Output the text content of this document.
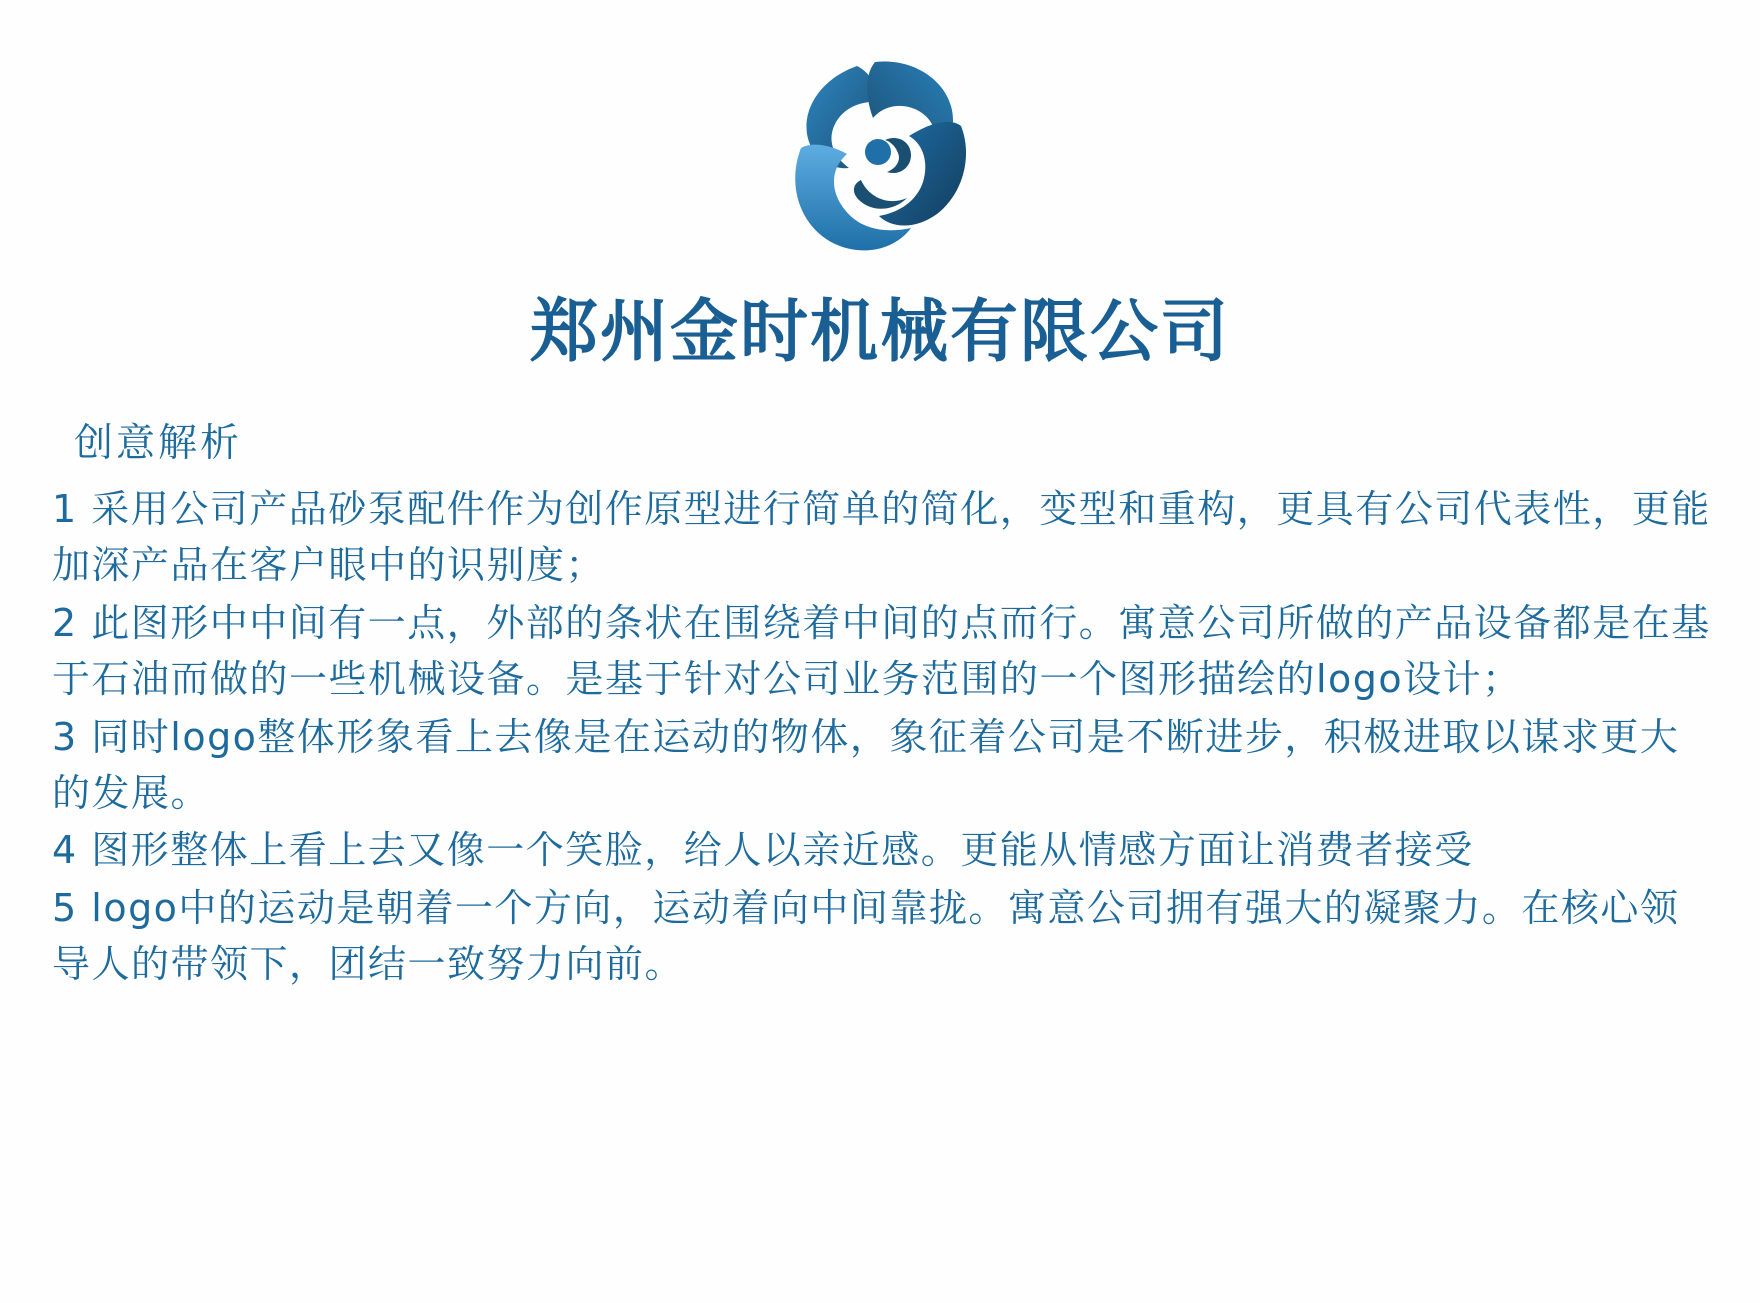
郑州金时机械有限公司
创意解析

1 采用公司产品砂泵配件作为创作原型进行简单的简化，变型和重构，更具有公司代表性，更能加深产品在客户眼中的识别度；

2 此图形中中间有一点，外部的条状在围绕着中间的点而行。寓意公司所做的产品设备都是在基于石油而做的一些机械设备。是基于针对公司业务范围的一个图形描绘的logo设计；

3 同时logo整体形象看上去像是在运动的物体，象征着公司是不断进步，积极进取以谋求更大的发展。

4 图形整体上看上去又像一个笑脸，给人以亲近感。更能从情感方面让消费者接受

5 logo中的运动是朝着一个方向，运动着向中间靠拢。寓意公司拥有强大的凝聚力。在核心领导人的带领下，团结一致努力向前。
